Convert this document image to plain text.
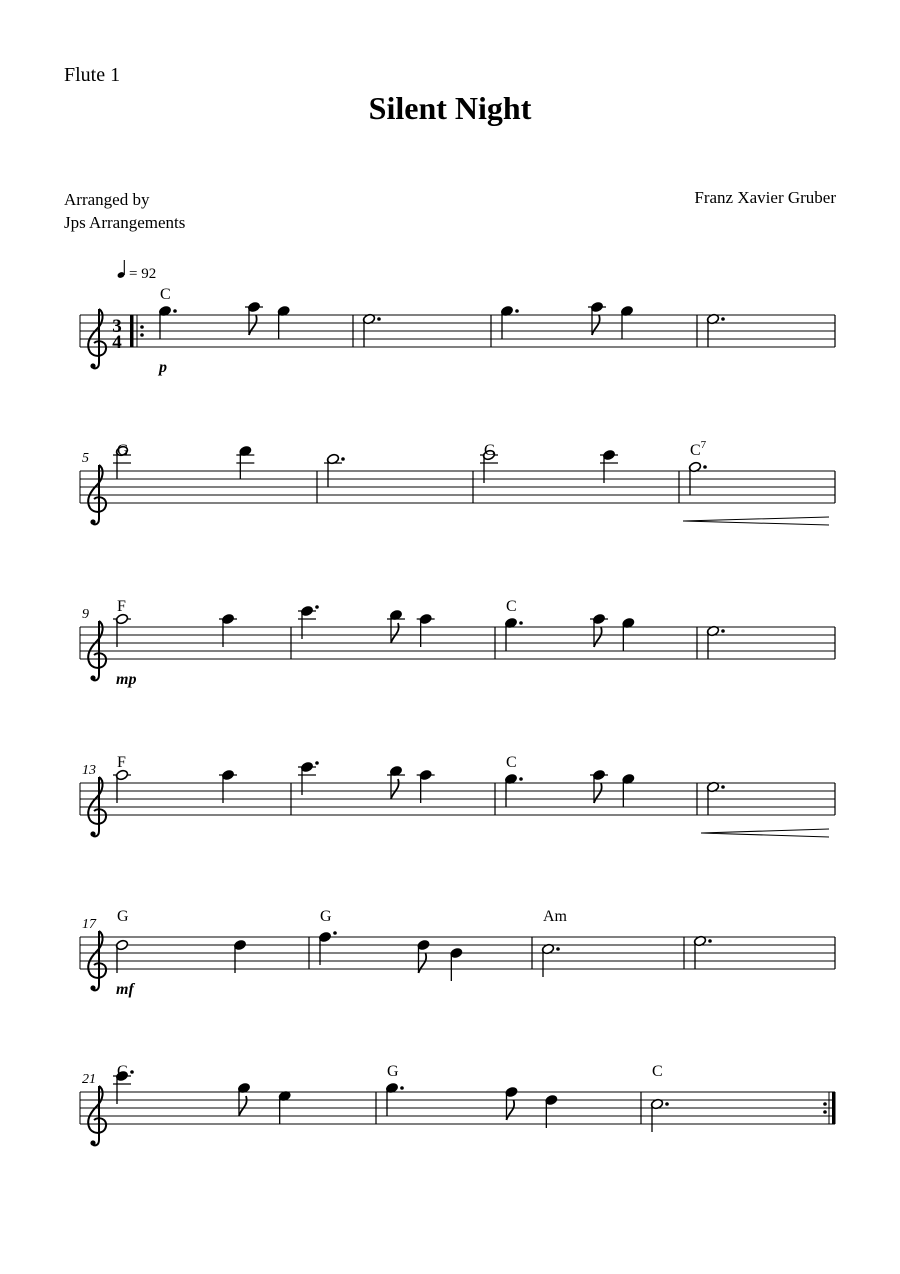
Flute 1
Silent Night
Arranged by
Jps Arrangements
Franz Xavier Gruber
3
4
= 92
C
p
5 G	C	$C^7$
9 F	C
mp
13 F	C
17 G	G	Am
mf
21 C	G	C
